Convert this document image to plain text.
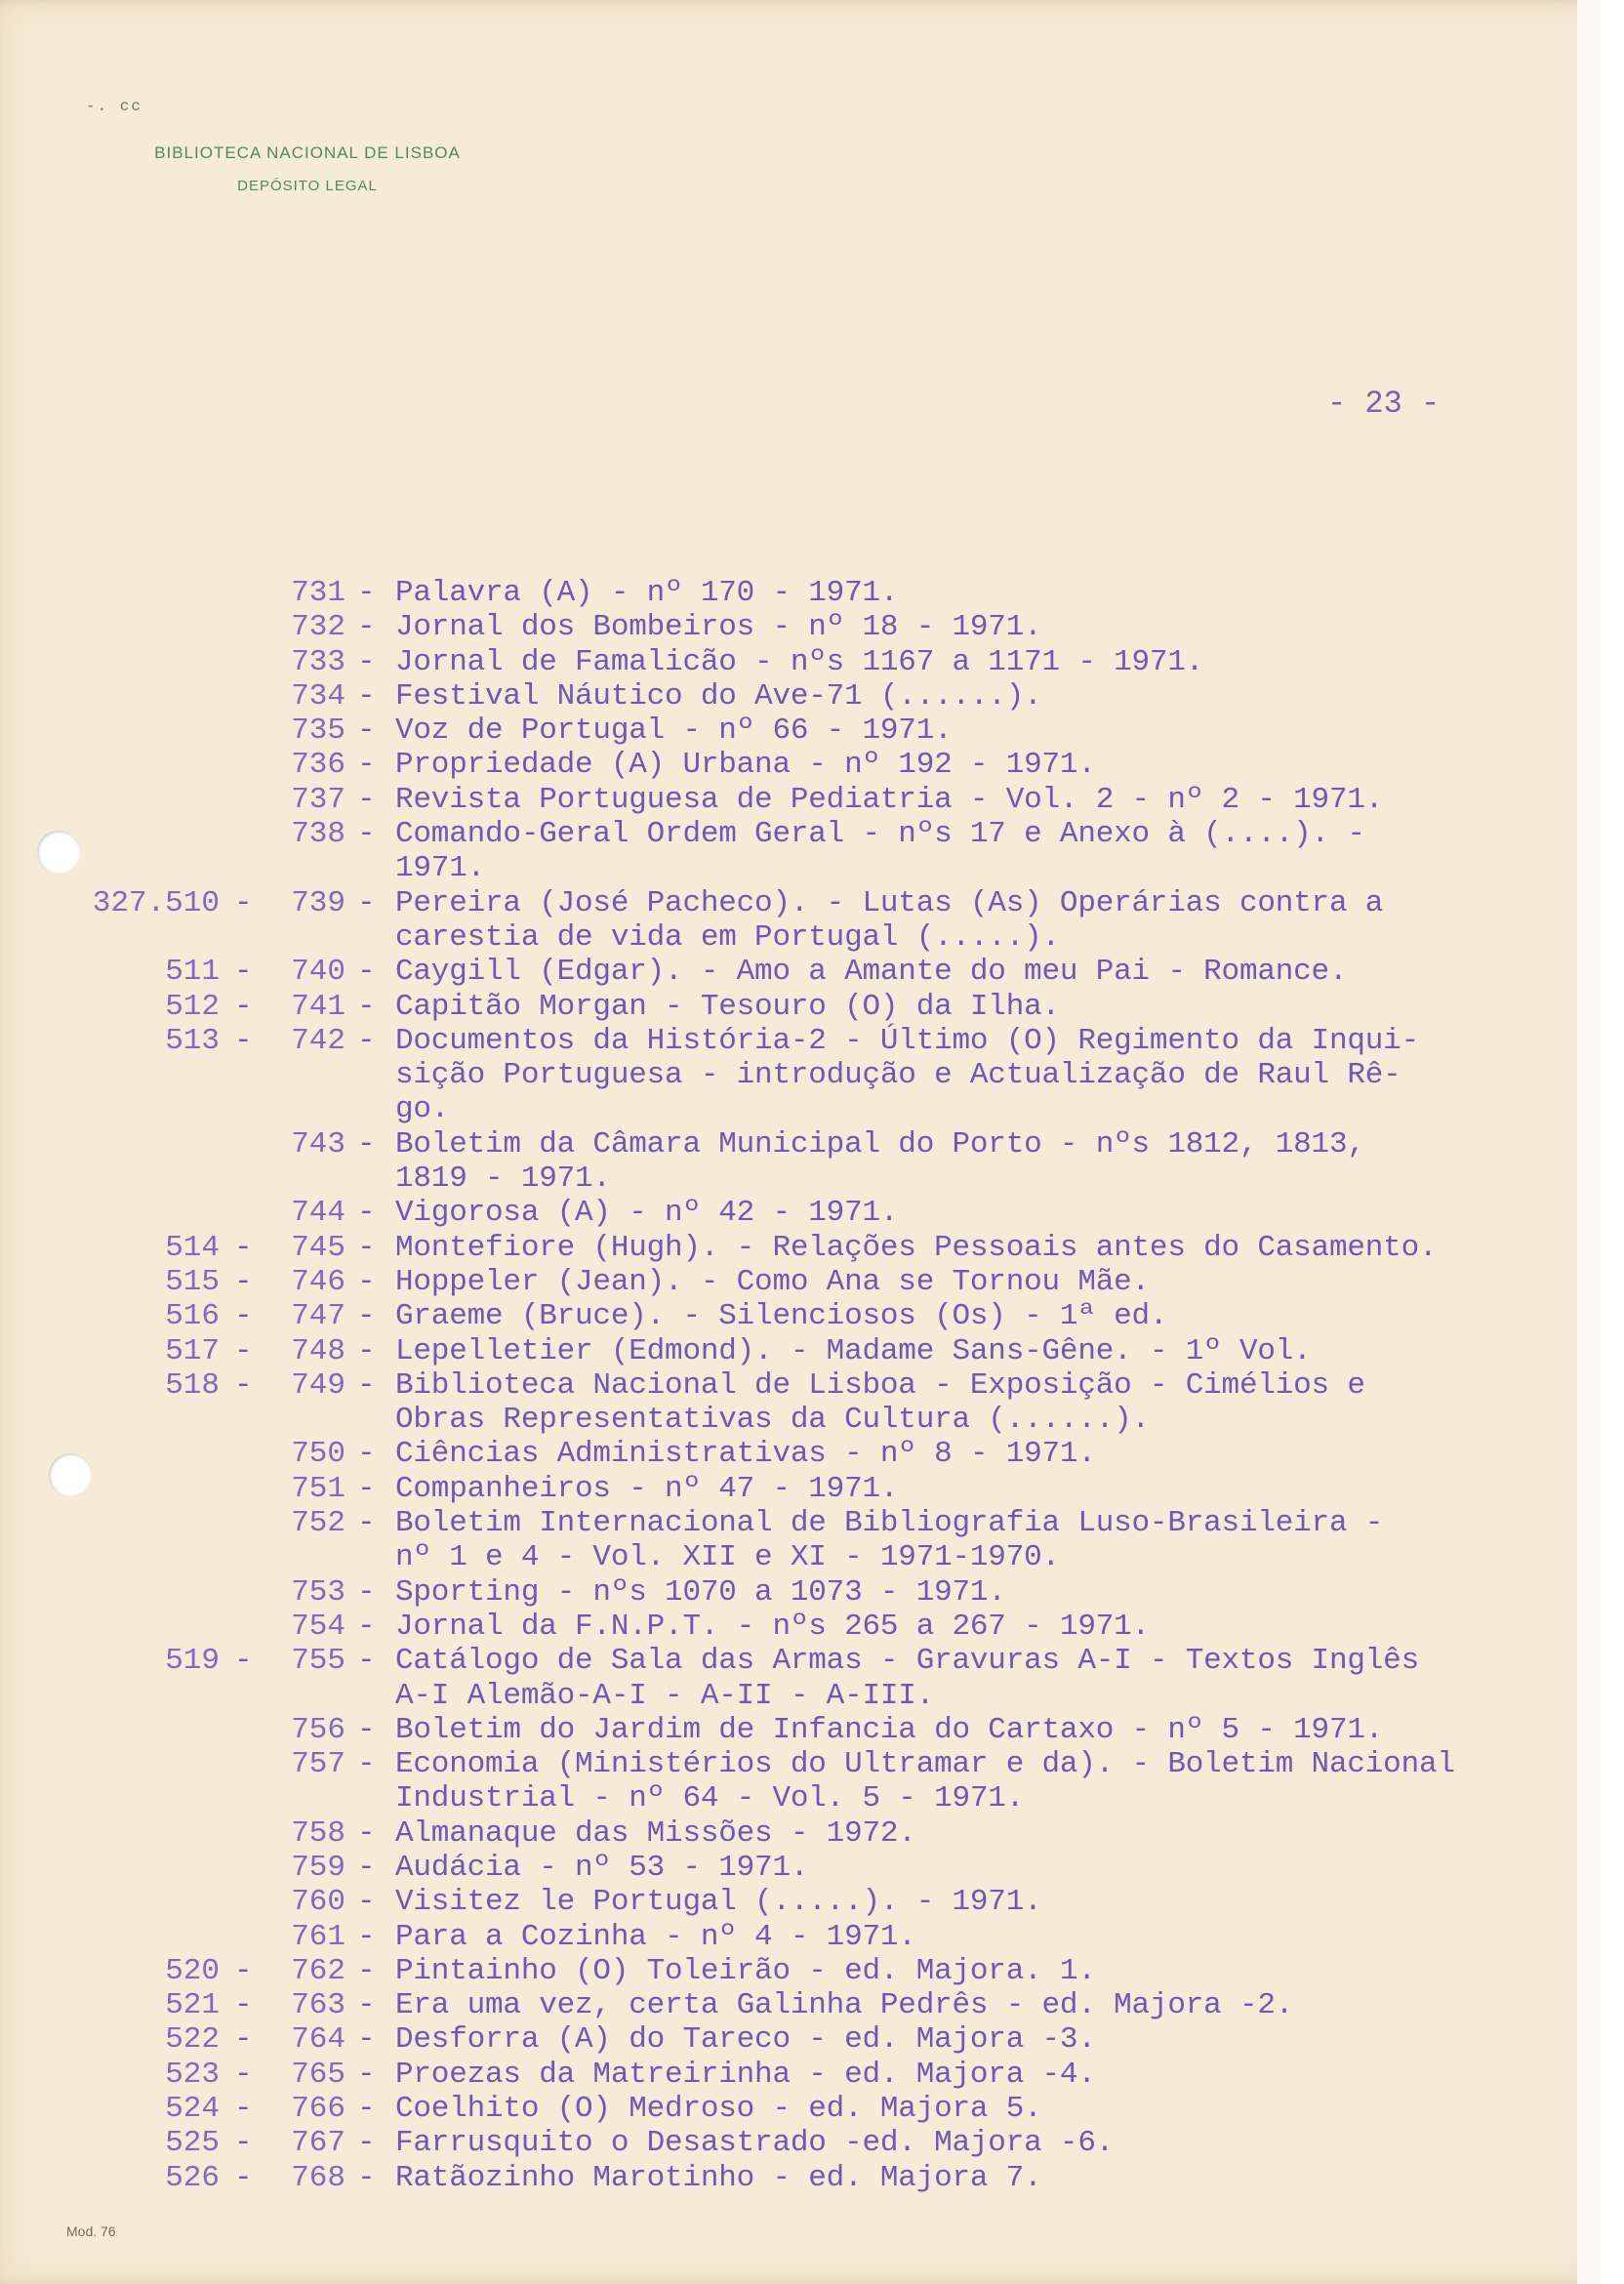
-. cc
BIBLIOTECA NACIONAL DE LISBOA
DEPÓSITO LEGAL
- 23 -
731 - Palavra (A) - nº 170 - 1971.
732 - Jornal dos Bombeiros - nº 18 - 1971.
733 - Jornal de Famalicão - nºs 1167 a 1171 - 1971.
734 - Festival Náutico do Ave-71 (......).
735 - Voz de Portugal - nº 66 - 1971.
736 - Propriedade (A) Urbana - nº 192 - 1971.
737 - Revista Portuguesa de Pediatria - Vol. 2 - nº 2 - 1971.
738 - Comando-Geral Ordem Geral - nºs 17 e Anexo à (....). -
1971.
327.510 -	739 - Pereira (José Pacheco). - Lutas (As) Operárias contra a
carestia de vida em Portugal (.....).
511 -	740 - Caygill (Edgar). - Amo a Amante do meu Pai - Romance.
512 -	741 - Capitão Morgan - Tesouro (O) da Ilha.
513 -	742 - Documentos da História-2 - Último (O) Regimento da Inqui-
sição Portuguesa - introdução e Actualização de Raul Rê-
go.
743 - Boletim da Câmara Municipal do Porto - nºs 1812, 1813,
1819 - 1971.
744 - Vigorosa (A) - nº 42 - 1971.
514 -	745 - Montefiore (Hugh). - Relações Pessoais antes do Casamento.
515 -	746 - Hoppeler (Jean). - Como Ana se Tornou Mãe.
516 -	747 - Graeme (Bruce). - Silenciosos (Os) - 1ª ed.
517 -	748 - Lepelletier (Edmond). - Madame Sans-Gêne. - 1º Vol.
518 -	749 - Biblioteca Nacional de Lisboa - Exposição - Cimélios e
Obras Representativas da Cultura (......).
750 - Ciências Administrativas - nº 8 - 1971.
751 - Companheiros - nº 47 - 1971.
752 - Boletim Internacional de Bibliografia Luso-Brasileira -
nº 1 e 4 - Vol. XII e XI - 1971-1970.
753 - Sporting - nºs 1070 a 1073 - 1971.
754 - Jornal da F.N.P.T. - nºs 265 a 267 - 1971.
519 -	755 - Catálogo de Sala das Armas - Gravuras A-I - Textos Inglês
A-I Alemão-A-I - A-II - A-III.
756 - Boletim do Jardim de Infancia do Cartaxo - nº 5 - 1971.
757 - Economia (Ministérios do Ultramar e da). - Boletim Nacional
Industrial - nº 64 - Vol. 5 - 1971.
758 - Almanaque das Missões - 1972.
759 - Audácia - nº 53 - 1971.
760 - Visitez le Portugal (.....). - 1971.
761 - Para a Cozinha - nº 4 - 1971.
520 -	762 - Pintainho (O) Toleirão - ed. Majora. 1.
521 -	763 - Era uma vez, certa Galinha Pedrês - ed. Majora -2.
522 -	764 - Desforra (A) do Tareco - ed. Majora -3.
523 -	765 - Proezas da Matreirinha - ed. Majora -4.
524 -	766 - Coelhito (O) Medroso - ed. Majora 5.
525 -	767 - Farrusquito o Desastrado -ed. Majora -6.
526 -	768 - Ratãozinho Marotinho - ed. Majora 7.
Mod. 76
